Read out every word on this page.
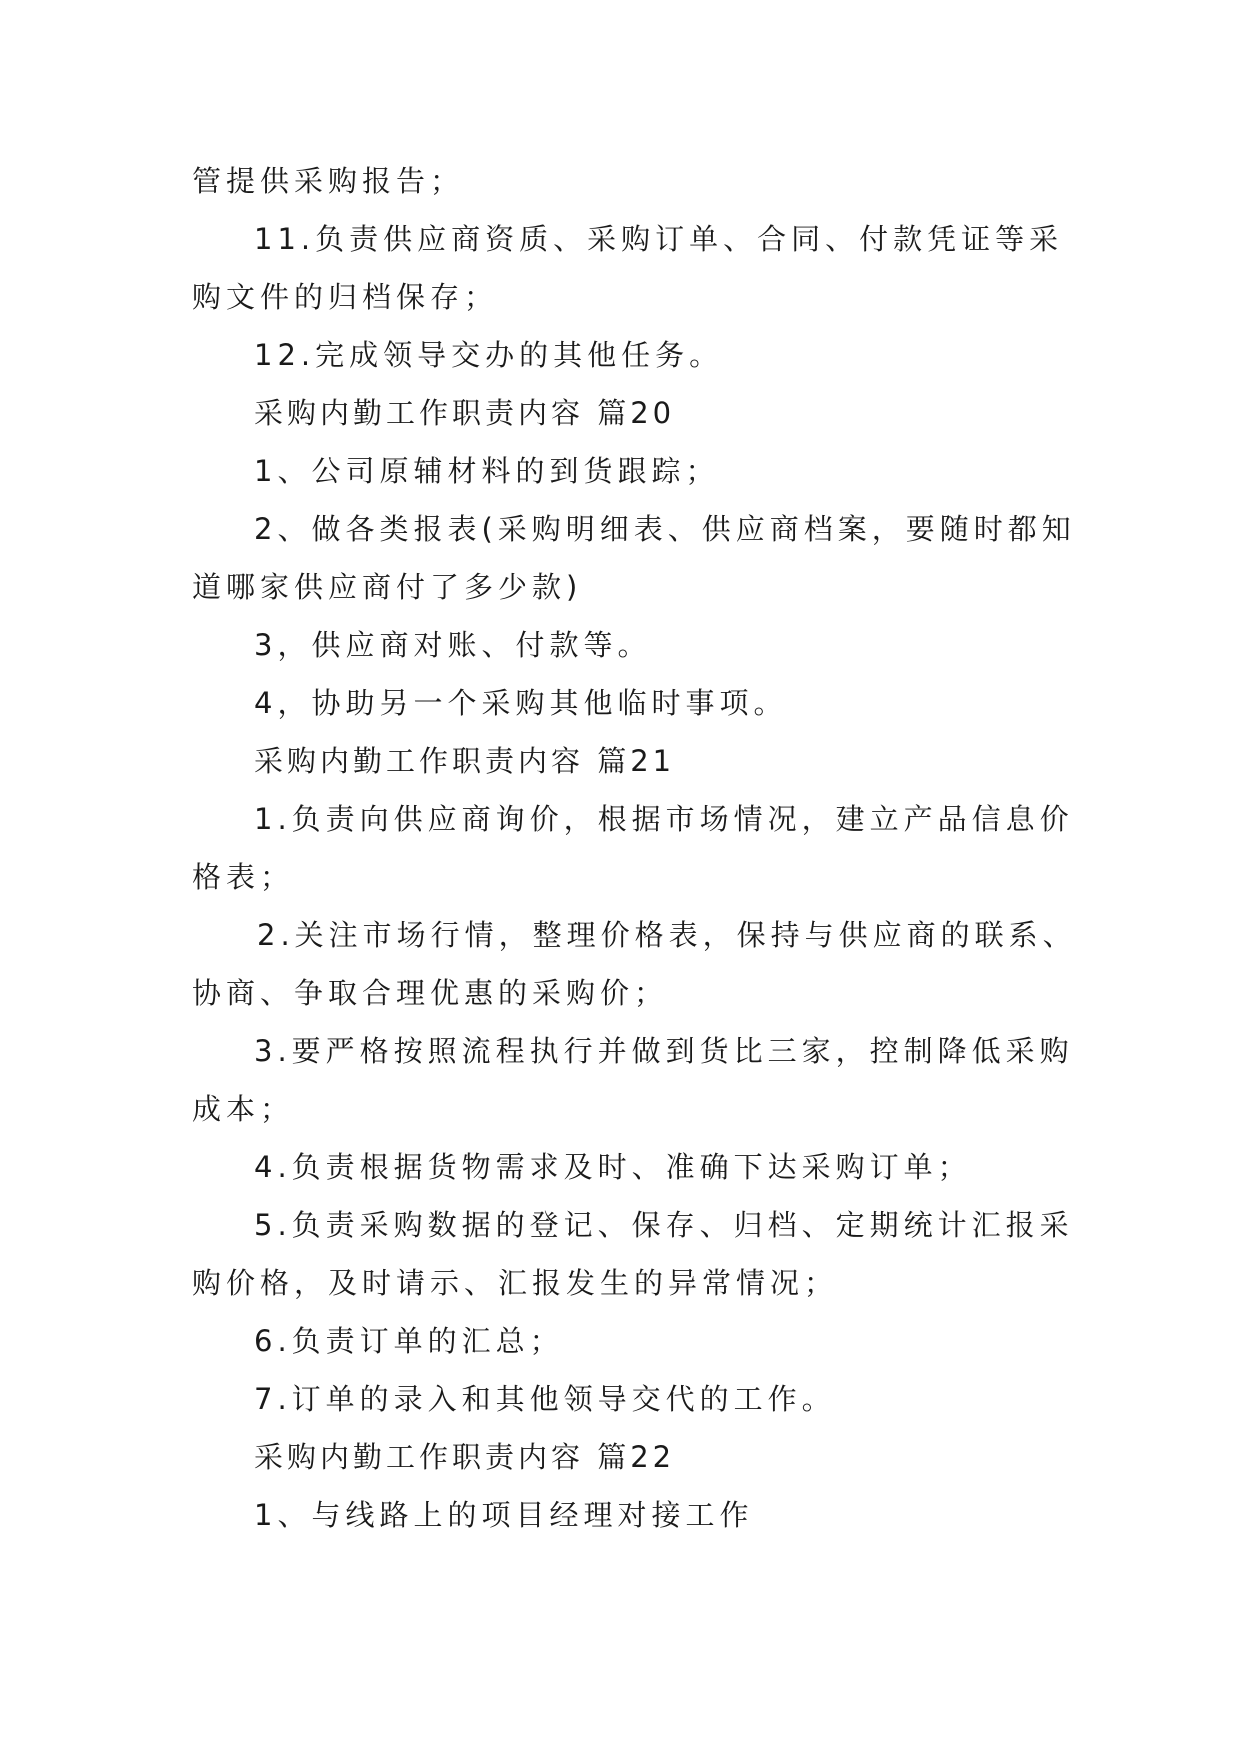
管提供采购报告；
11.负责供应商资质、采购订单、合同、付款凭证等采
购文件的归档保存；
12.完成领导交办的其他任务。
采购内勤工作职责内容 篇20
1、公司原辅材料的到货跟踪；
2、做各类报表(采购明细表、供应商档案，要随时都知
道哪家供应商付了多少款)
3，供应商对账、付款等。
4，协助另一个采购其他临时事项。
采购内勤工作职责内容 篇21
1.负责向供应商询价，根据市场情况，建立产品信息价
格表；
2.关注市场行情，整理价格表，保持与供应商的联系、
协商、争取合理优惠的采购价；
3.要严格按照流程执行并做到货比三家，控制降低采购
成本；
4.负责根据货物需求及时、准确下达采购订单；
5.负责采购数据的登记、保存、归档、定期统计汇报采
购价格，及时请示、汇报发生的异常情况；
6.负责订单的汇总；
7.订单的录入和其他领导交代的工作。
采购内勤工作职责内容 篇22
1、与线路上的项目经理对接工作
